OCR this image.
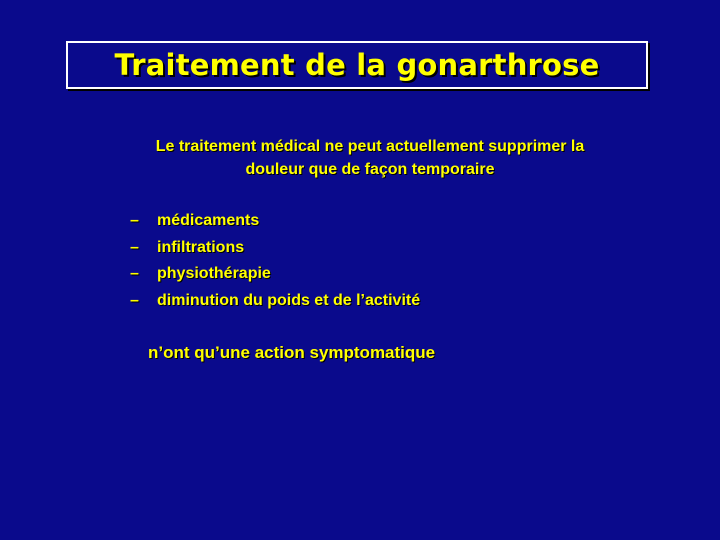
Traitement de la gonarthrose
Le traitement médical ne peut actuellement supprimer la
douleur que de façon temporaire
–	médicaments
–	infiltrations
–	physiothérapie
–	diminution du poids et de l’activité
n’ont qu’une action symptomatique
